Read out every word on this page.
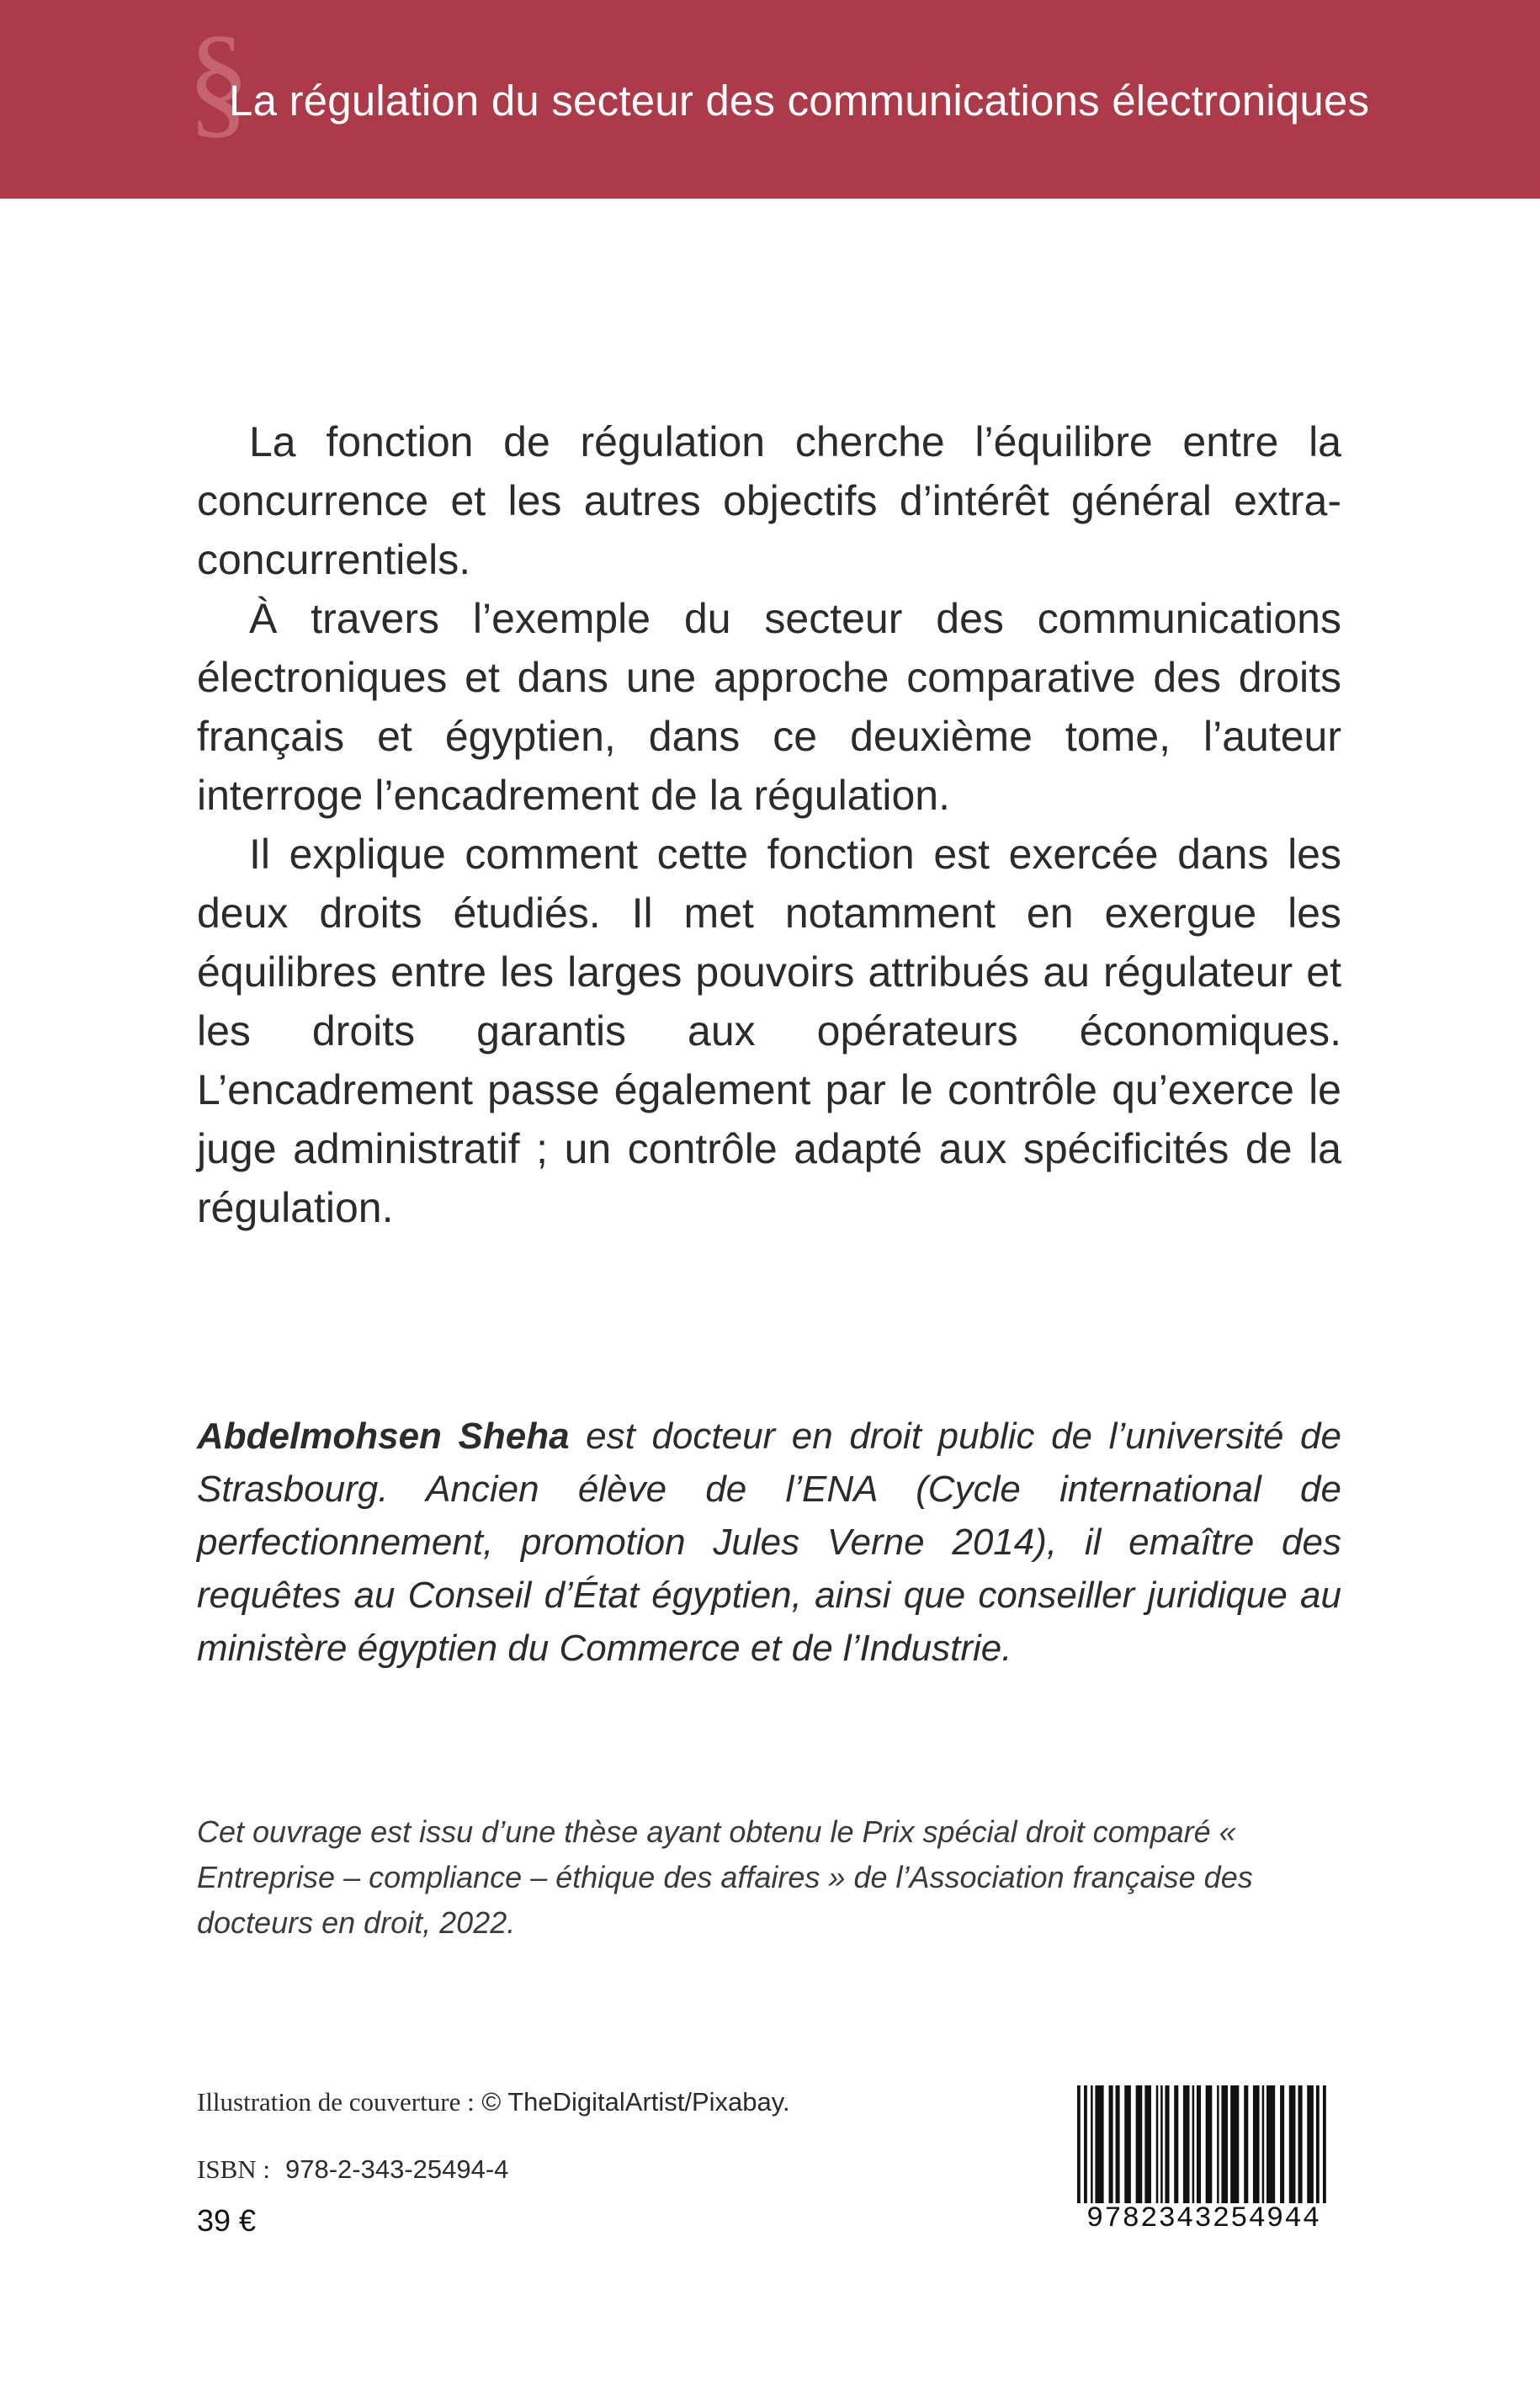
§
La régulation du secteur des communications électroniques

La fonction de régulation cherche l’équilibre entre la concurrence et les autres objectifs d’intérêt général extra-concurrentiels.

À travers l’exemple du secteur des communications électroniques et dans une approche comparative des droits français et égyptien, dans ce deuxième tome, l’auteur interroge l’encadrement de la régulation.

Il explique comment cette fonction est exercée dans les deux droits étudiés. Il met notamment en exergue les équilibres entre les larges pouvoirs attribués au régulateur et les droits garantis aux opérateurs économiques. L’encadrement passe également par le contrôle qu’exerce le juge administratif ; un contrôle adapté aux spécificités de la régulation.

Abdelmohsen Sheha est docteur en droit public de l’université de Strasbourg. Ancien élève de l’ENA (Cycle international de perfectionnement, promotion Jules Verne 2014), il emaître des requêtes au Conseil d’État égyptien, ainsi que conseiller juridique au ministère égyptien du Commerce et de l’Industrie.
Cet ouvrage est issu d’une thèse ayant obtenu le Prix spécial droit comparé « Entreprise – compliance – éthique des affaires » de l’Association française des docteurs en droit, 2022.
Illustration de couverture : © TheDigitalArtist/Pixabay.
ISBN : 978-2-343-25494-4
39 €	9782343254944
